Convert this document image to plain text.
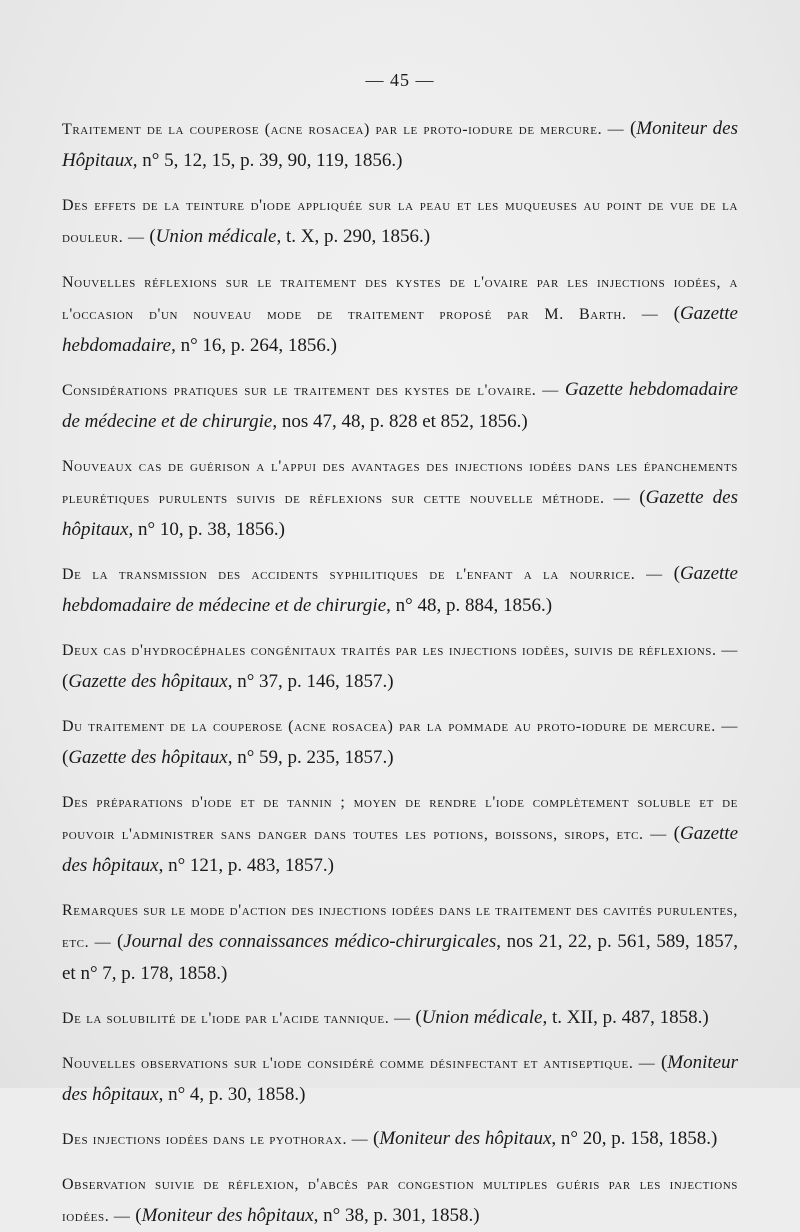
— 45 —

Traitement de la couperose (acne rosacea) par le proto-iodure de mercure. — (Moniteur des Hôpitaux, n° 5, 12, 15, p. 39, 90, 119, 1856.)

Des effets de la teinture d'iode appliquée sur la peau et les muqueuses au point de vue de la douleur. — (Union médicale, t. X, p. 290, 1856.)

Nouvelles réflexions sur le traitement des kystes de l'ovaire par les injections iodées, a l'occasion d'un nouveau mode de traitement proposé par M. Barth. — (Gazette hebdomadaire, n° 16, p. 264, 1856.)

Considérations pratiques sur le traitement des kystes de l'ovaire. — Gazette hebdomadaire de médecine et de chirurgie, nos 47, 48, p. 828 et 852, 1856.)

Nouveaux cas de guérison a l'appui des avantages des injections iodées dans les épanchements pleurétiques purulents suivis de réflexions sur cette nouvelle méthode. — (Gazette des hôpitaux, n° 10, p. 38, 1856.)

De la transmission des accidents syphilitiques de l'enfant a la nourrice. — (Gazette hebdomadaire de médecine et de chirurgie, n° 48, p. 884, 1856.)

Deux cas d'hydrocéphales congénitaux traités par les injections iodées, suivis de réflexions. — (Gazette des hôpitaux, n° 37, p. 146, 1857.)

Du traitement de la couperose (acne rosacea) par la pommade au proto-iodure de mercure. — (Gazette des hôpitaux, n° 59, p. 235, 1857.)

Des préparations d'iode et de tannin ; moyen de rendre l'iode complètement soluble et de pouvoir l'administrer sans danger dans toutes les potions, boissons, sirops, etc. — (Gazette des hôpitaux, n° 121, p. 483, 1857.)

Remarques sur le mode d'action des injections iodées dans le traitement des cavités purulentes, etc. — (Journal des connaissances médico-chirurgicales, nos 21, 22, p. 561, 589, 1857, et n° 7, p. 178, 1858.)

De la solubilité de l'iode par l'acide tannique. — (Union médicale, t. XII, p. 487, 1858.)

Nouvelles observations sur l'iode considéré comme désinfectant et antiseptique. — (Moniteur des hôpitaux, n° 4, p. 30, 1858.)

Des injections iodées dans le pyothorax. — (Moniteur des hôpitaux, n° 20, p. 158, 1858.)

Observation suivie de réflexion, d'abcès par congestion multiples guéris par les injections iodées. — (Moniteur des hôpitaux, n° 38, p. 301, 1858.)
